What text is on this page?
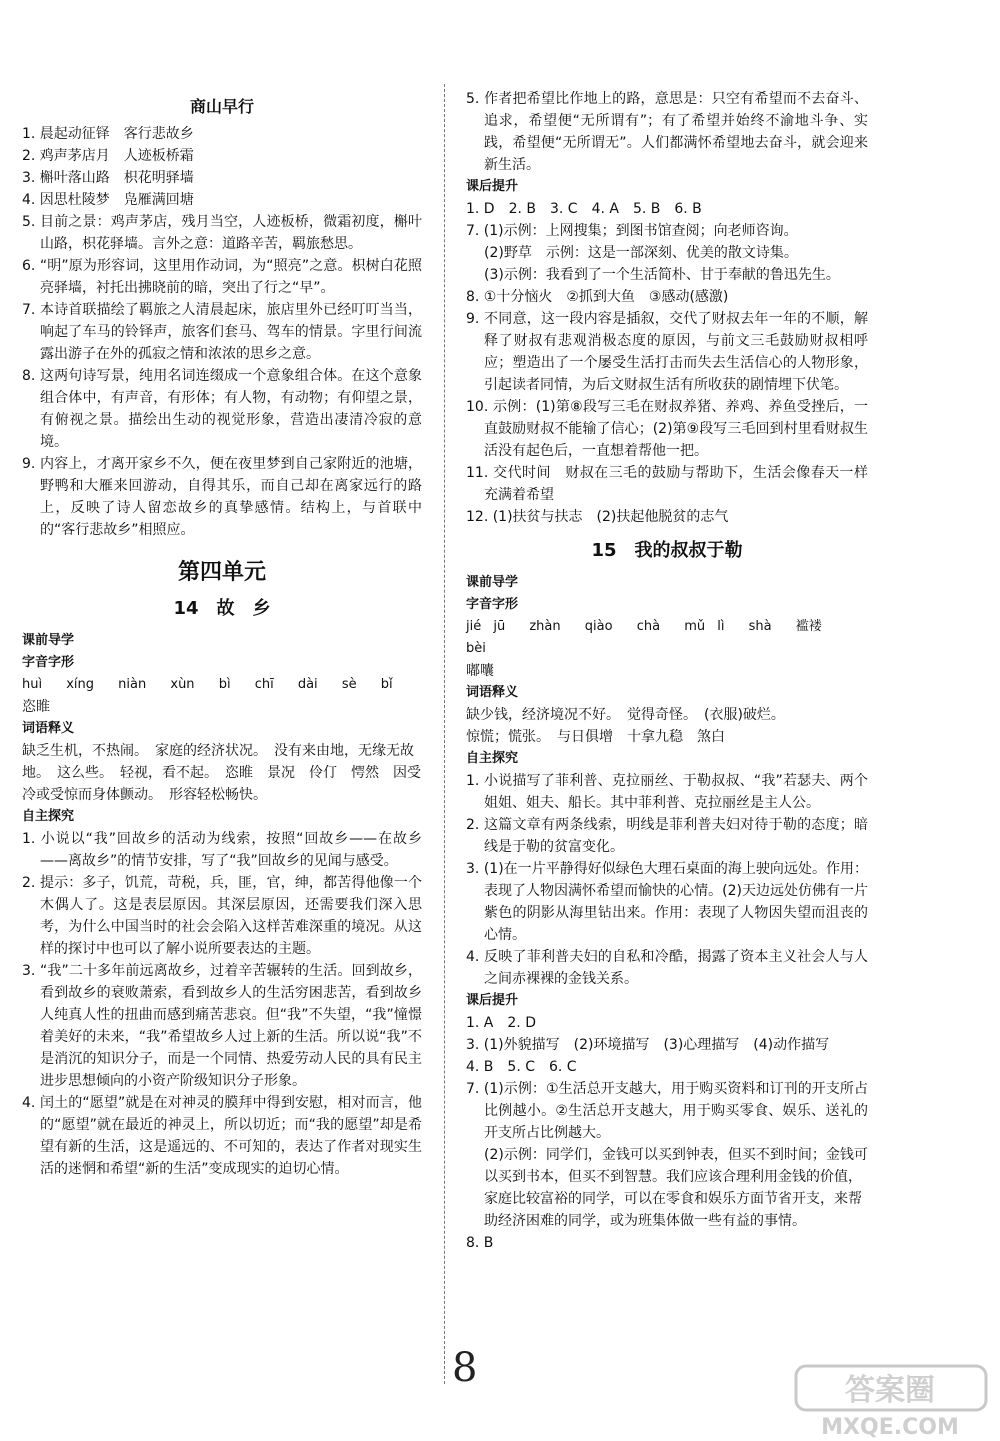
商山早行
1. 晨起动征铎　客行悲故乡
2. 鸡声茅店月　人迹板桥霜
3. 槲叶落山路　枳花明驿墙
4. 因思杜陵梦　凫雁满回塘
5. 目前之景：鸡声茅店，残月当空，人迹板桥，微霜初度，槲叶山路，枳花驿墙。言外之意：道路辛苦，羁旅愁思。
6. “明”原为形容词，这里用作动词，为“照亮”之意。枳树白花照亮驿墙，衬托出拂晓前的暗，突出了行之“早”。
7. 本诗首联描绘了羁旅之人清晨起床，旅店里外已经叮叮当当，响起了车马的铃铎声，旅客们套马、驾车的情景。字里行间流露出游子在外的孤寂之情和浓浓的思乡之意。
8. 这两句诗写景，纯用名词连缀成一个意象组合体。在这个意象组合体中，有声音，有形体；有人物，有动物；有仰望之景，有俯视之景。描绘出生动的视觉形象，营造出凄清冷寂的意境。
9. 内容上，才离开家乡不久，便在夜里梦到自己家附近的池塘，野鸭和大雁来回游动，自得其乐，而自己却在离家远行的路上，反映了诗人留恋故乡的真挚感情。结构上，与首联中的“客行悲故乡”相照应。
第四单元
14　故　乡
课前导学
字音字形
huì xíng niàn xùn bì chī dài sè bǐ
恣睢
词语释义
缺乏生机，不热闹。　家庭的经济状况。　没有来由地，无缘无故地。　这么些。　轻视，看不起。　恣睢　景况　伶仃　愕然　因受冷或受惊而身体颤动。　形容轻松畅快。
自主探究
1. 小说以“我”回故乡的活动为线索，按照“回故乡——在故乡——离故乡”的情节安排，写了“我”回故乡的见闻与感受。
2. 提示：多子，饥荒，苛税，兵，匪，官，绅，都苦得他像一个木偶人了。这是表层原因。其深层原因，还需要我们深入思考，为什么中国当时的社会会陷入这样苦难深重的境况。从这样的探讨中也可以了解小说所要表达的主题。
3. “我”二十多年前远离故乡，过着辛苦辗转的生活。回到故乡，看到故乡的衰败萧索，看到故乡人的生活穷困悲苦，看到故乡人纯真人性的扭曲而感到痛苦悲哀。但“我”不失望，“我”憧憬着美好的未来，“我”希望故乡人过上新的生活。所以说“我”不是消沉的知识分子，而是一个同情、热爱劳动人民的具有民主进步思想倾向的小资产阶级知识分子形象。
4. 闰土的“愿望”就是在对神灵的膜拜中得到安慰，相对而言，他的“愿望”就在最近的神灵上，所以切近；而“我的愿望”却是希望有新的生活，这是遥远的、不可知的，表达了作者对现实生活的迷惘和希望“新的生活”变成现实的迫切心情。
5. 作者把希望比作地上的路，意思是：只空有希望而不去奋斗、追求，希望便“无所谓有”；有了希望并始终不渝地斗争、实践，希望便“无所谓无”。人们都满怀希望地去奋斗，就会迎来新生活。
课后提升
1. D　2. B　3. C　4. A　5. B　6. B
7. (1)示例：上网搜集；到图书馆查阅；向老师咨询。
(2)野草　示例：这是一部深刻、优美的散文诗集。
(3)示例：我看到了一个生活简朴、甘于奉献的鲁迅先生。
8. ①十分恼火　②抓到大鱼　③感动(感激)
9. 不同意，这一段内容是插叙，交代了财叔去年一年的不顺，解释了财叔有悲观消极态度的原因，与前文三毛鼓励财叔相呼应；塑造出了一个屡受生活打击而失去生活信心的人物形象，引起读者同情，为后文财叔生活有所收获的剧情埋下伏笔。
10. 示例：(1)第⑧段写三毛在财叔养猪、养鸡、养鱼受挫后，一直鼓励财叔不能输了信心；(2)第⑨段写三毛回到村里看财叔生活没有起色后，一直想着帮他一把。
11. 交代时间　财叔在三毛的鼓励与帮助下，生活会像春天一样充满着希望
12. (1)扶贫与扶志　(2)扶起他脱贫的志气
15　我的叔叔于勒
课前导学
字音字形
jié jū zhàn qiào chà mǔ lì shà 褴褛 bèi
嘟囔
词语释义
缺少钱，经济境况不好。　觉得奇怪。　(衣服)破烂。
惊慌；慌张。　与日俱增　十拿九稳　煞白
自主探究
1. 小说描写了菲利普、克拉丽丝、于勒叔叔、“我”若瑟夫、两个姐姐、姐夫、船长。其中菲利普、克拉丽丝是主人公。
2. 这篇文章有两条线索，明线是菲利普夫妇对待于勒的态度；暗线是于勒的贫富变化。
3. (1)在一片平静得好似绿色大理石桌面的海上驶向远处。作用：表现了人物因满怀希望而愉快的心情。(2)天边远处仿佛有一片紫色的阴影从海里钻出来。作用：表现了人物因失望而沮丧的心情。
4. 反映了菲利普夫妇的自私和冷酷，揭露了资本主义社会人与人之间赤裸裸的金钱关系。
课后提升
1. A　2. D
3. (1)外貌描写　(2)环境描写　(3)心理描写　(4)动作描写
4. B　5. C　6. C
7. (1)示例：①生活总开支越大，用于购买资料和订刊的开支所占比例越小。②生活总开支越大，用于购买零食、娱乐、送礼的开支所占比例越大。
(2)示例：同学们，金钱可以买到钟表，但买不到时间；金钱可以买到书本，但买不到智慧。我们应该合理利用金钱的价值，家庭比较富裕的同学，可以在零食和娱乐方面节省开支，来帮助经济困难的同学，或为班集体做一些有益的事情。
8. B
8	答案圈
MXQE.COM
